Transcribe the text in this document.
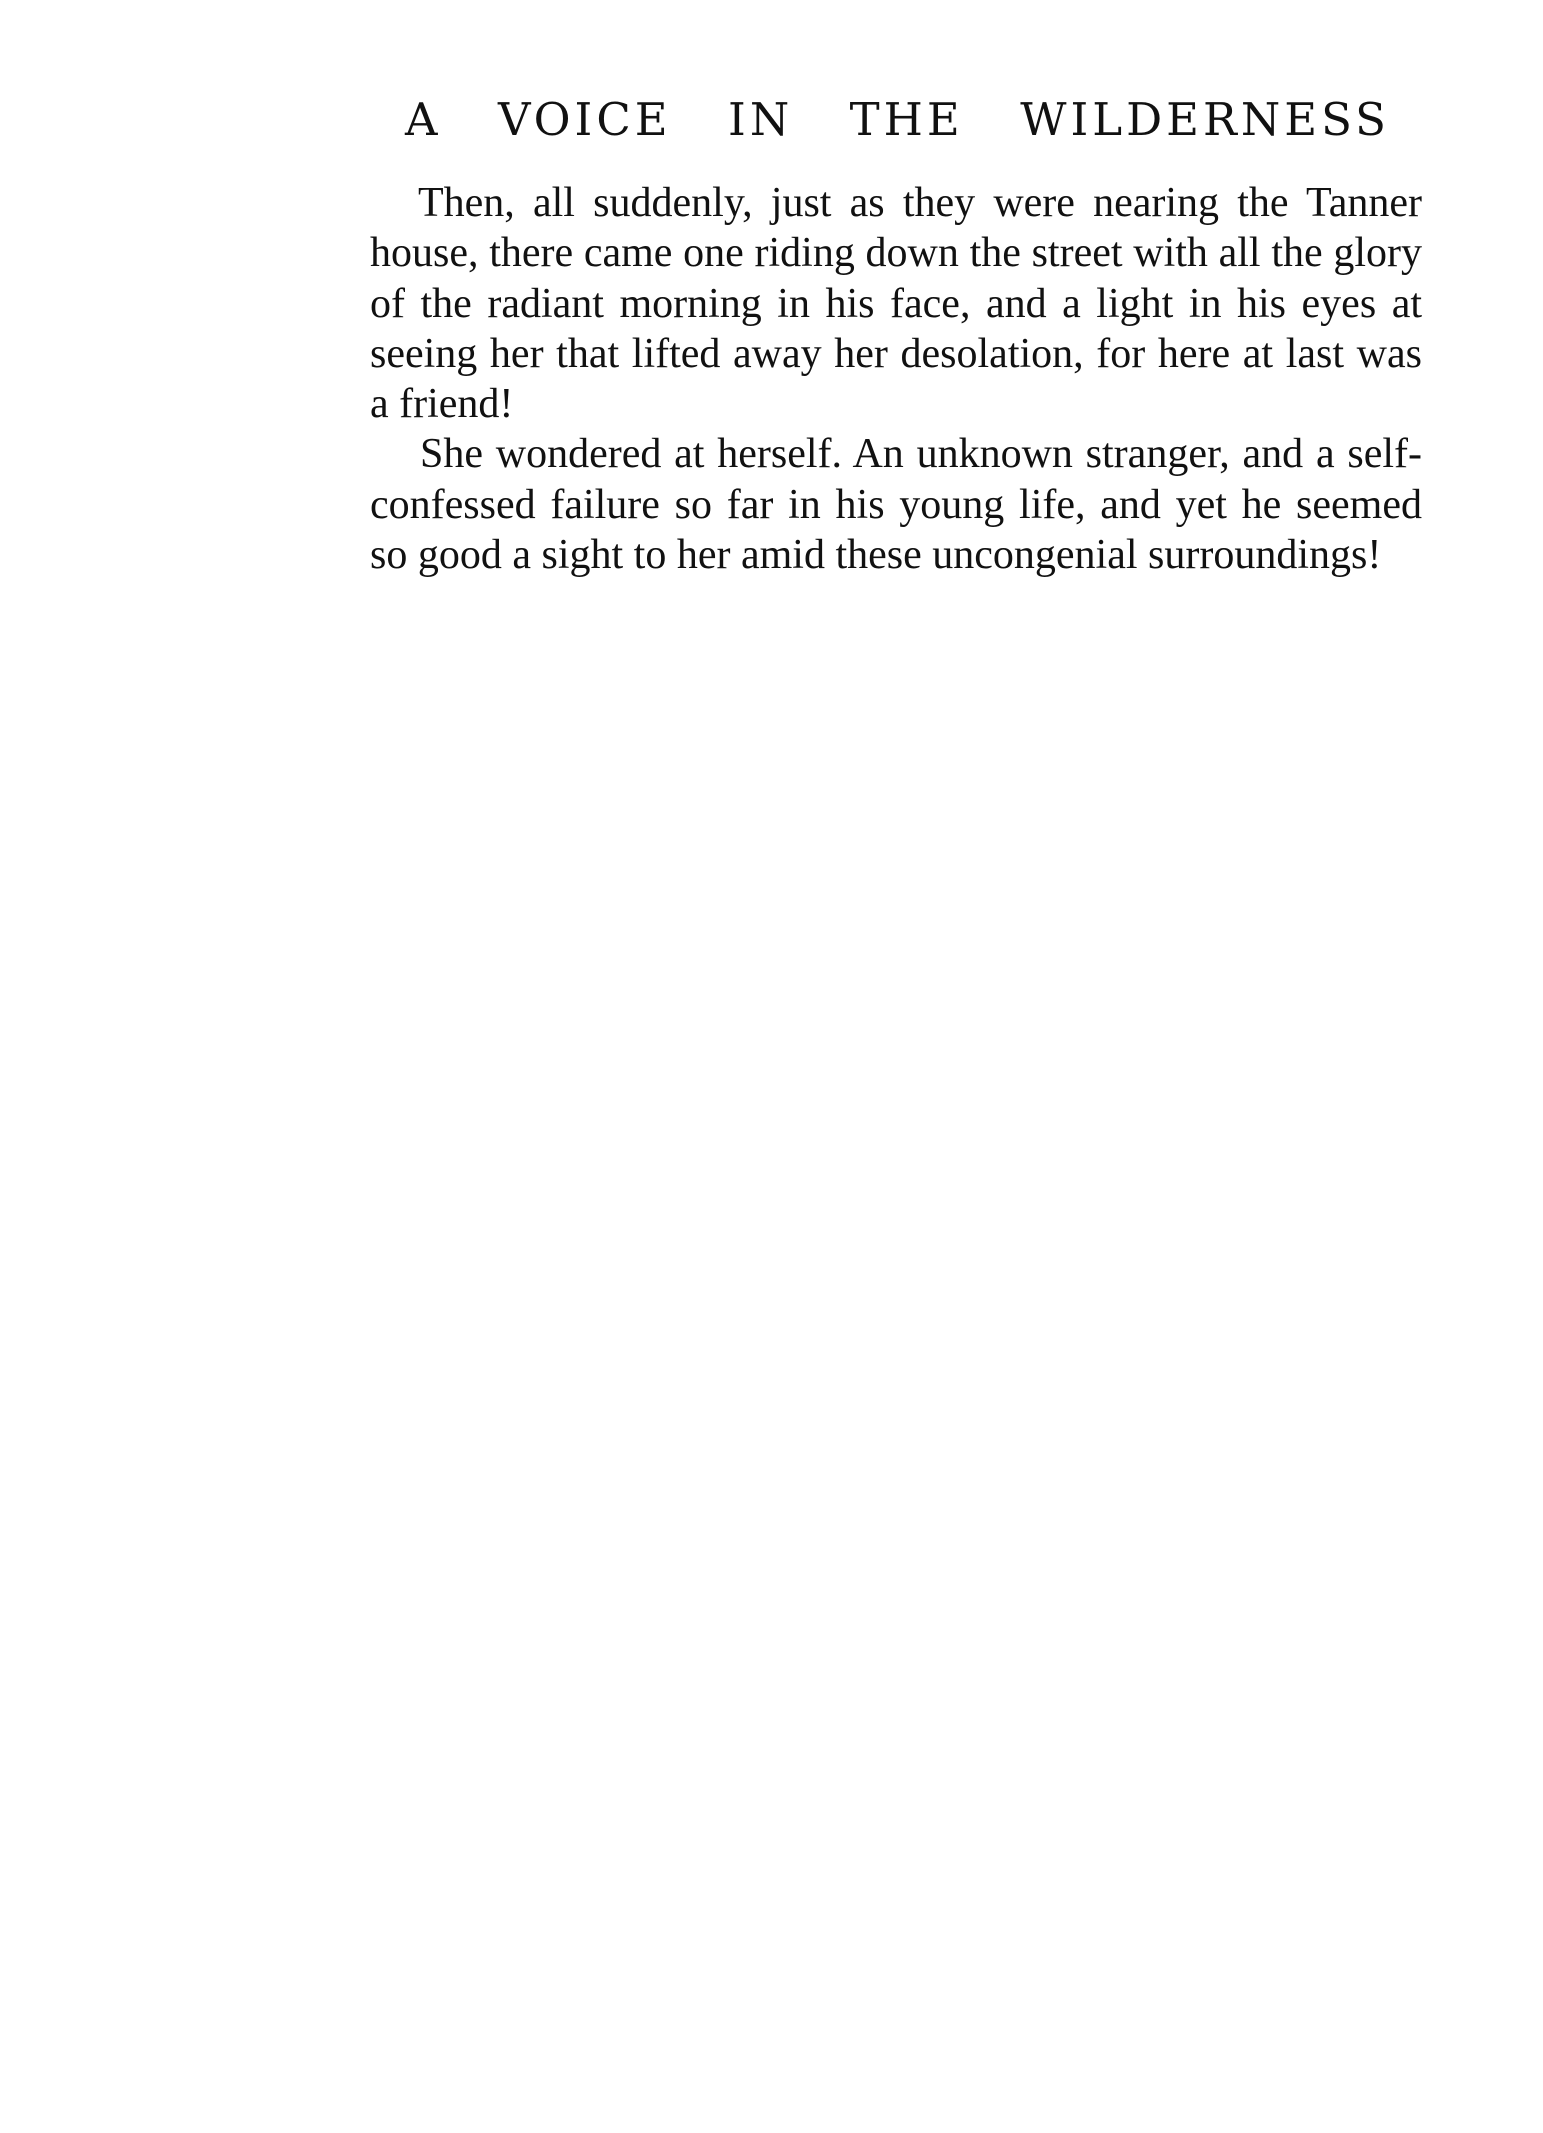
A VOICE IN THE WILDERNESS

Then, all suddenly, just as they were nearing the Tanner house, there came one riding down the street with all the glory of the radiant morning in his face, and a light in his eyes at seeing her that lifted away her desolation, for here at last was a friend!

She wondered at herself. An unknown stranger, and a self-confessed failure so far in his young life, and yet he seemed so good a sight to her amid these uncongenial surroundings!
